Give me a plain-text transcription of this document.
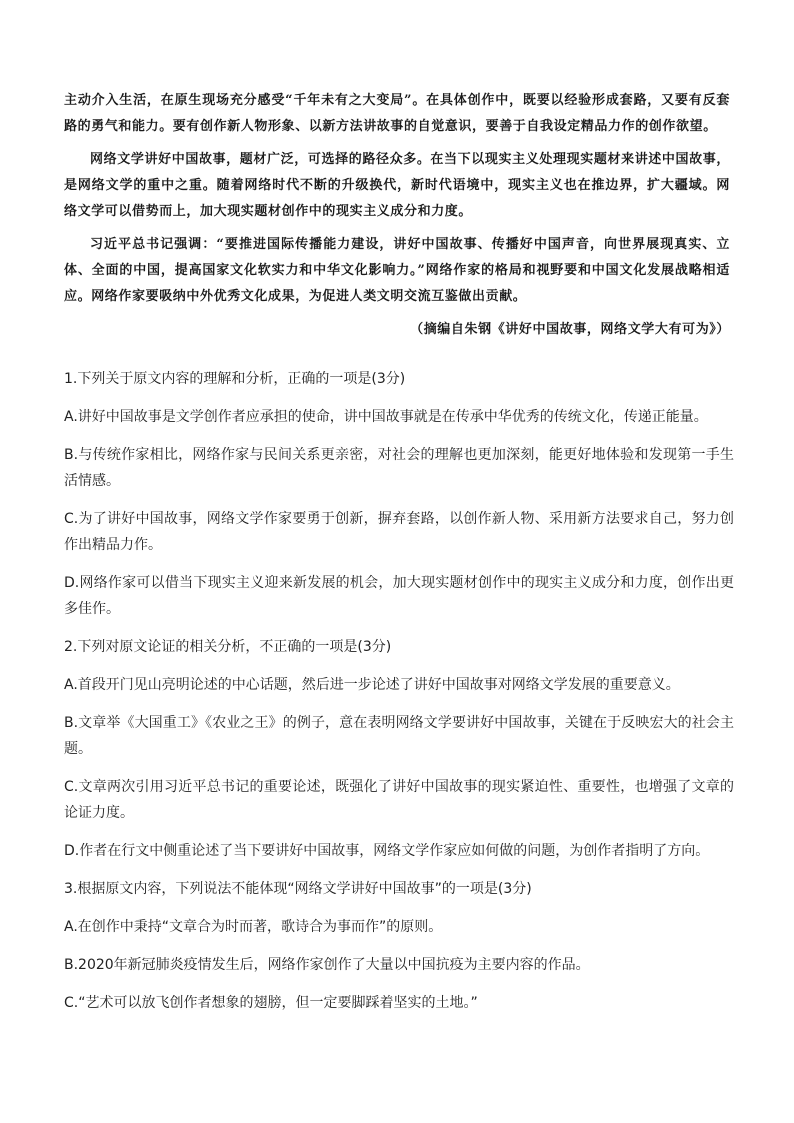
主动介入生活，在原生现场充分感受“千年未有之大变局”。在具体创作中，既要以经验形成套路，又要有反套路的勇气和能力。要有创作新人物形象、以新方法讲故事的自觉意识，要善于自我设定精品力作的创作欲望。

网络文学讲好中国故事，题材广泛，可选择的路径众多。在当下以现实主义处理现实题材来讲述中国故事，是网络文学的重中之重。随着网络时代不断的升级换代，新时代语境中，现实主义也在推边界，扩大疆域。网络文学可以借势而上，加大现实题材创作中的现实主义成分和力度。

习近平总书记强调：“要推进国际传播能力建设，讲好中国故事、传播好中国声音，向世界展现真实、立体、全面的中国，提高国家文化软实力和中华文化影响力。”网络作家的格局和视野要和中国文化发展战略相适应。网络作家要吸纳中外优秀文化成果，为促进人类文明交流互鉴做出贡献。

（摘编自朱钢《讲好中国故事，网络文学大有可为》）

1.下列关于原文内容的理解和分析，正确的一项是(3分)

A.讲好中国故事是文学创作者应承担的使命，讲中国故事就是在传承中华优秀的传统文化，传递正能量。

B.与传统作家相比，网络作家与民间关系更亲密，对社会的理解也更加深刻，能更好地体验和发现第一手生活情感。

C.为了讲好中国故事，网络文学作家要勇于创新，摒弃套路，以创作新人物、采用新方法要求自己，努力创作出精品力作。

D.网络作家可以借当下现实主义迎来新发展的机会，加大现实题材创作中的现实主义成分和力度，创作出更多佳作。

2.下列对原文论证的相关分析，不正确的一项是(3分)

A.首段开门见山亮明论述的中心话题，然后进一步论述了讲好中国故事对网络文学发展的重要意义。

B.文章举《大国重工》《农业之王》的例子，意在表明网络文学要讲好中国故事，关键在于反映宏大的社会主题。

C.文章两次引用习近平总书记的重要论述，既强化了讲好中国故事的现实紧迫性、重要性，也增强了文章的论证力度。

D.作者在行文中侧重论述了当下要讲好中国故事，网络文学作家应如何做的问题，为创作者指明了方向。

3.根据原文内容，下列说法不能体现“网络文学讲好中国故事”的一项是(3分)

A.在创作中秉持“文章合为时而著，歌诗合为事而作”的原则。

B.2020年新冠肺炎疫情发生后，网络作家创作了大量以中国抗疫为主要内容的作品。

C.“艺术可以放飞创作者想象的翅膀，但一定要脚踩着坚实的土地。”
